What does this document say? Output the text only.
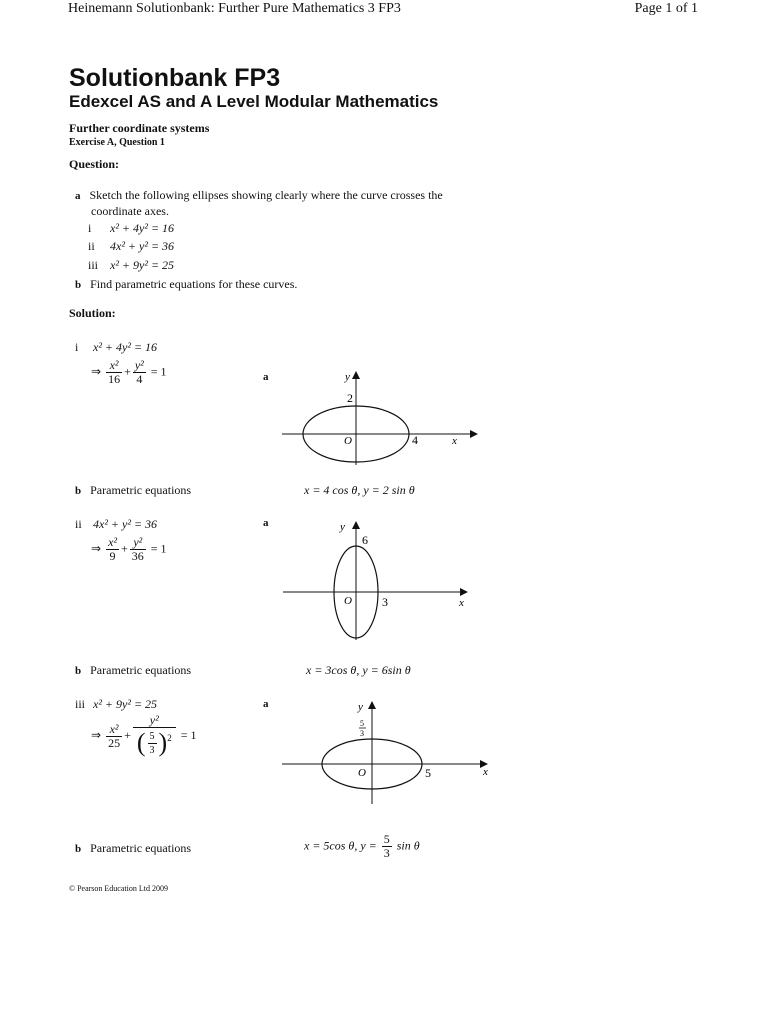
Heinemann Solutionbank: Further Pure Mathematics 3 FP3	Page 1 of 1
Solutionbank FP3
Edexcel AS and A Level Modular Mathematics
Further coordinate systems
Exercise A, Question 1
Question:
a Sketch the following ellipses showing clearly where the curve crosses the
coordinate axes.
i x² + 4y² = 16
ii 4x² + y² = 36
iii x² + 9y² = 25
b Find parametric equations for these curves.
Solution:
i x² + 4y² = 16
⇒ $\frac{\text{x²}}{16} + \frac{\text{y²}}{4} = 1$	a	y
2
O	4	x
b Parametric equations	x = 4 cos θ, y = 2 sin θ
ii 4x² + y² = 36
⇒ $\frac{\text{x²}}{9} + \frac{\text{y²}}{36} = 1$
a	y
6
O	3	x
b Parametric equations	x = 3cos θ, y = 6sin θ
iii x² + 9y² = 25
⇒ $\frac{\text{x²}}{25} + \frac{\text{y²}}{( \frac{5}{3} )^2} = 1$
a	y
5
3
O	5	x
b Parametric equations	x = 5cos θ, $y = \frac{5}{3}$ sin θ
© Pearson Education Ltd 2009
